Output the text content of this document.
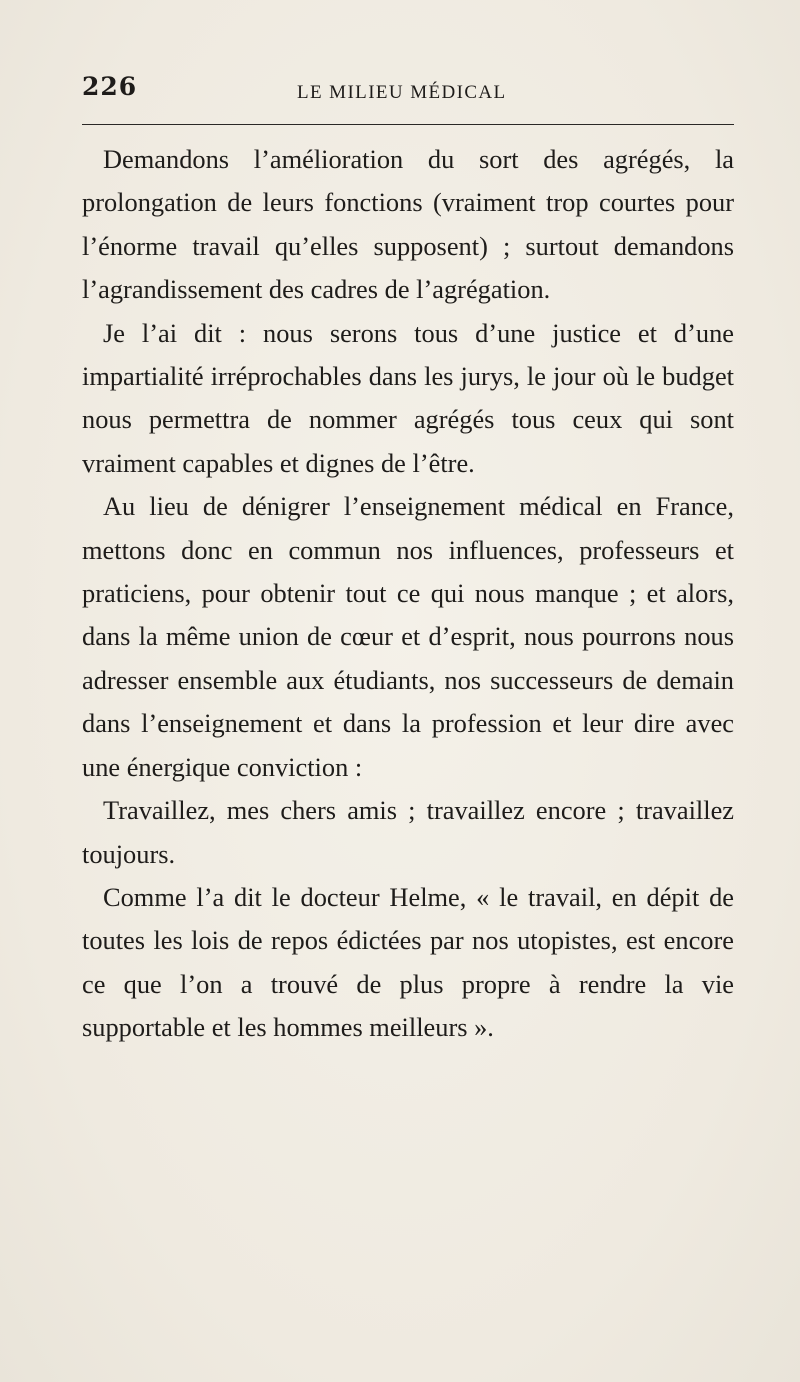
226	LE MILIEU MÉDICAL

Demandons l’amélioration du sort des agrégés, la prolongation de leurs fonctions (vraiment trop courtes pour l’énorme travail qu’elles supposent) ; surtout demandons l’agrandissement des cadres de l’agrégation.

Je l’ai dit : nous serons tous d’une justice et d’une impartialité irréprochables dans les jurys, le jour où le budget nous permettra de nommer agrégés tous ceux qui sont vraiment capables et dignes de l’être.

Au lieu de dénigrer l’enseignement médical en France, mettons donc en commun nos influences, professeurs et praticiens, pour obtenir tout ce qui nous manque ; et alors, dans la même union de cœur et d’esprit, nous pourrons nous adresser ensemble aux étudiants, nos successeurs de demain dans l’enseignement et dans la profession et leur dire avec une énergique conviction :

Travaillez, mes chers amis ; travaillez encore ; travaillez toujours.

Comme l’a dit le docteur Helme, « le travail, en dépit de toutes les lois de repos édictées par nos utopistes, est encore ce que l’on a trouvé de plus propre à rendre la vie supportable et les hommes meilleurs ».
